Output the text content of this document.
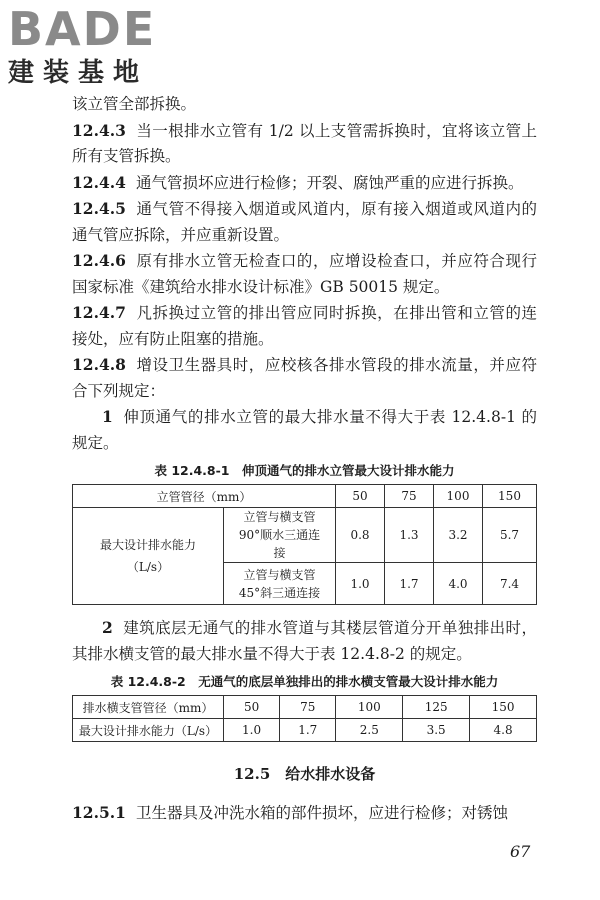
BADE
建装基地

该立管全部拆换。

12.4.3 当一根排水立管有 1/2 以上支管需拆换时，宜将该立管上所有支管拆换。

12.4.4 通气管损坏应进行检修；开裂、腐蚀严重的应进行拆换。

12.4.5 通气管不得接入烟道或风道内，原有接入烟道或风道内的通气管应拆除，并应重新设置。

12.4.6 原有排水立管无检查口的，应增设检查口，并应符合现行国家标准《建筑给水排水设计标准》GB 50015 规定。

12.4.7 凡拆换过立管的排出管应同时拆换，在排出管和立管的连接处，应有防止阻塞的措施。

12.4.8 增设卫生器具时，应校核各排水管段的排水流量，并应符合下列规定：

1 伸顶通气的排水立管的最大排水量不得大于表 12.4.8-1 的规定。

表 12.4.8-1　伸顶通气的排水立管最大设计排水能力
立管管径（mm）		50	75	100	150
最大设计排水能力（L/s）	立管与横支管 90°顺水三通连接	0.8	1.3	3.2	5.7
	立管与横支管 45°斜三通连接	1.0	1.7	4.0	7.4

2 建筑底层无通气的排水管道与其楼层管道分开单独排出时，其排水横支管的最大排水量不得大于表 12.4.8-2 的规定。

表 12.4.8-2　无通气的底层单独排出的排水横支管最大设计排水能力
排水横支管管径（mm）	50	75	100	125	150
最大设计排水能力（L/s）	1.0	1.7	2.5	3.5	4.8
12.5　给水排水设备

12.5.1 卫生器具及冲洗水箱的部件损坏，应进行检修；对锈蚀

67
